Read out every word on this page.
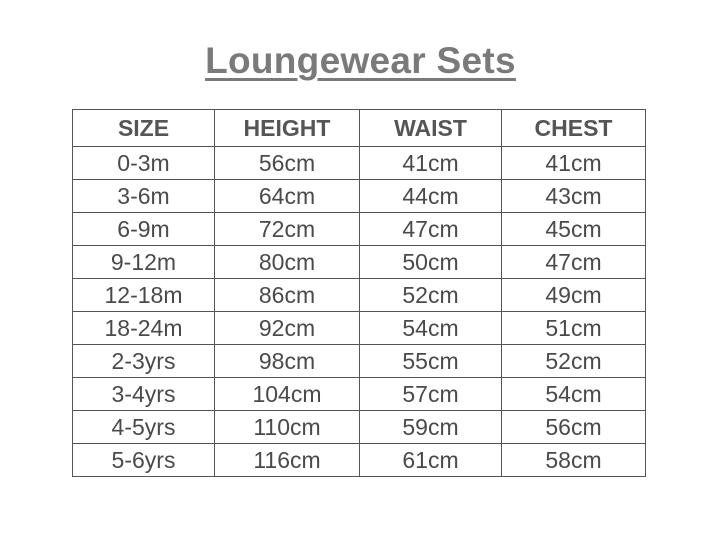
Loungewear Sets
SIZE	HEIGHT	WAIST	CHEST
0-3m	56cm	41cm	41cm
3-6m	64cm	44cm	43cm
6-9m	72cm	47cm	45cm
9-12m	80cm	50cm	47cm
12-18m	86cm	52cm	49cm
18-24m	92cm	54cm	51cm
2-3yrs	98cm	55cm	52cm
3-4yrs	104cm	57cm	54cm
4-5yrs	110cm	59cm	56cm
5-6yrs	116cm	61cm	58cm
